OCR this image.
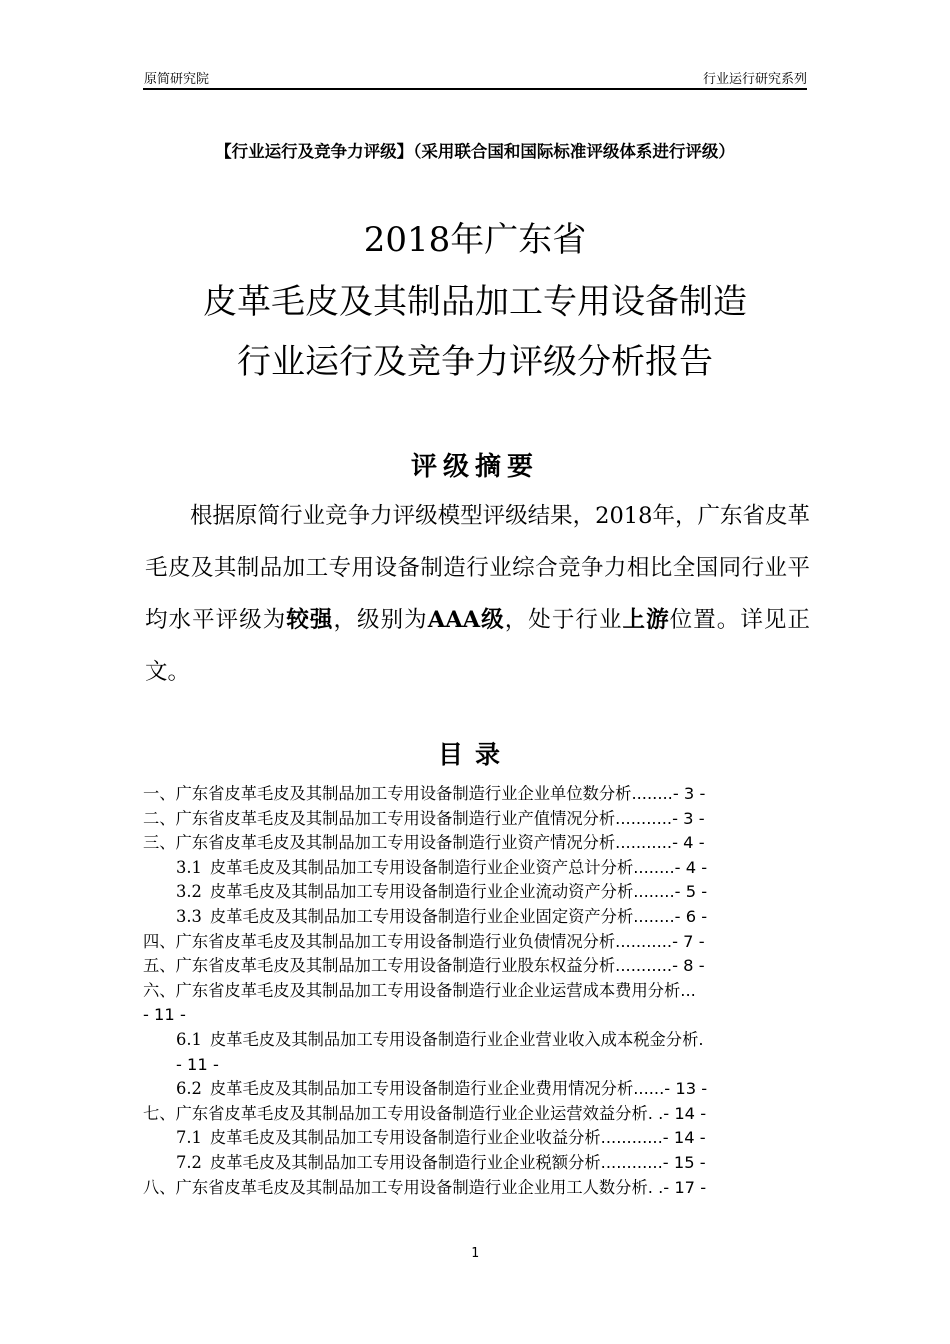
原简研究院	行业运行研究系列
【行业运行及竞争力评级】（采用联合国和国际标准评级体系进行评级）
2018年广东省
皮革毛皮及其制品加工专用设备制造
行业运行及竞争力评级分析报告
评级摘要

根据原简行业竞争力评级模型评级结果，2018年，广东省皮革毛皮及其制品加工专用设备制造行业综合竞争力相比全国同行业平均水平评级为较强，级别为AAA级，处于行业上游位置。详见正文。

目录
一、广东省皮革毛皮及其制品加工专用设备制造行业企业单位数分析 ........ - 3 -
二、广东省皮革毛皮及其制品加工专用设备制造行业产值情况分析 ........... - 3 -
三、广东省皮革毛皮及其制品加工专用设备制造行业资产情况分析 ........... - 4 -
3.1 皮革毛皮及其制品加工专用设备制造行业企业资产总计分析 ........ - 4 -
3.2 皮革毛皮及其制品加工专用设备制造行业企业流动资产分析 ........ - 5 -
3.3 皮革毛皮及其制品加工专用设备制造行业企业固定资产分析 ........ - 6 -
四、广东省皮革毛皮及其制品加工专用设备制造行业负债情况分析 ........... - 7 -
五、广东省皮革毛皮及其制品加工专用设备制造行业股东权益分析 ........... - 8 -
六、广东省皮革毛皮及其制品加工专用设备制造行业企业运营成本费用分析 ...
- 11 -
6.1 皮革毛皮及其制品加工专用设备制造行业企业营业收入成本税金分析 .
- 11 -
6.2 皮革毛皮及其制品加工专用设备制造行业企业费用情况分析 ...... - 13 -
七、广东省皮革毛皮及其制品加工专用设备制造行业企业运营效益分析 . . - 14 -
7.1 皮革毛皮及其制品加工专用设备制造行业企业收益分析 ............ - 14 -
7.2 皮革毛皮及其制品加工专用设备制造行业企业税额分析 ............ - 15 -
八、广东省皮革毛皮及其制品加工专用设备制造行业企业用工人数分析 . . - 17 -
1
